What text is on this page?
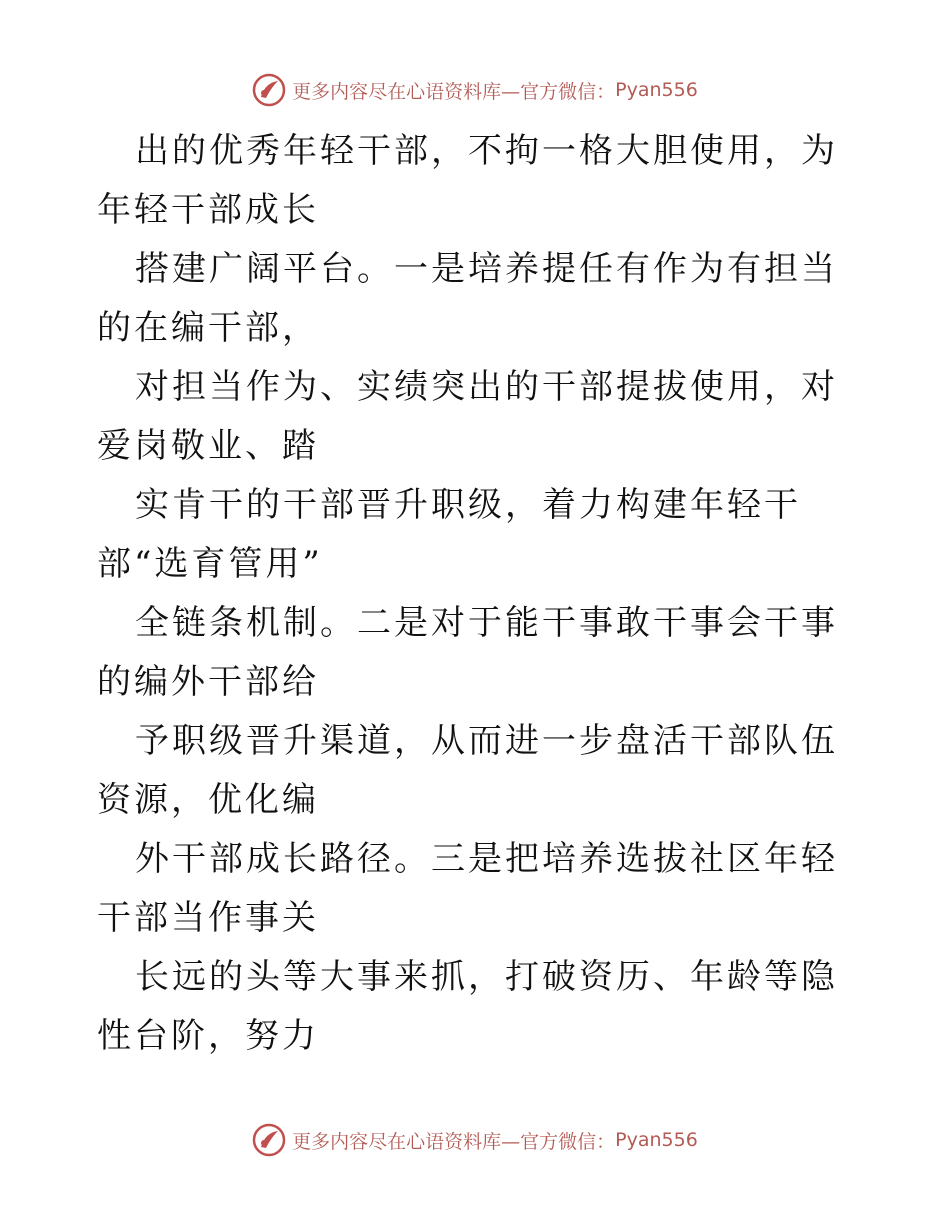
更多内容尽在心语资料库—官方微信： Pyan556

出的优秀年轻干部，不拘一格大胆使用，为年轻干部成长

搭建广阔平台。一是培养提任有作为有担当的在编干部，

对担当作为、实绩突出的干部提拔使用，对爱岗敬业、踏

实肯干的干部晋升职级，着力构建年轻干部“选育管用”

全链条机制。二是对于能干事敢干事会干事的编外干部给

予职级晋升渠道，从而进一步盘活干部队伍资源，优化编

外干部成长路径。三是把培养选拔社区年轻干部当作事关

长远的头等大事来抓，打破资历、年龄等隐性台阶，努力

更多内容尽在心语资料库—官方微信： Pyan556
